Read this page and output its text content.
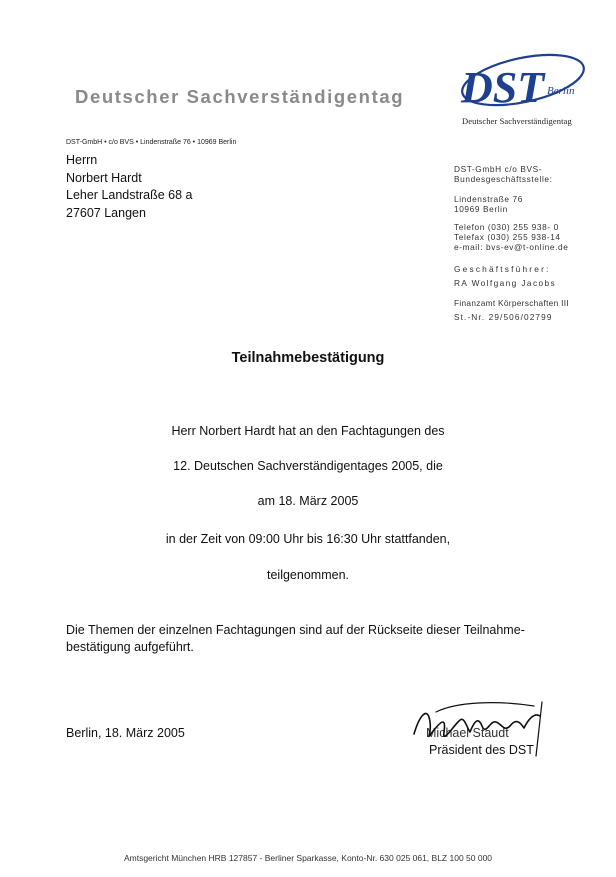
Deutscher Sachverständigentag DST Berlin
Deutscher Sachverständigentag
DST-GmbH • c/o BVS • Lindenstraße 76 • 10969 Berlin
Herrn
Norbert Hardt
Leher Landstraße 68 a
27607 Langen
DST-GmbH c/o BVS-
Bundesgeschäftsstelle:
Lindenstraße 76
10969 Berlin
Telefon (030) 255 938- 0
Telefax (030) 255 938-14
e-mail: bvs-ev@t-online.de
Geschäftsführer:
RA Wolfgang Jacobs
Finanzamt Körperschaften III
St.-Nr. 29/506/02799
Teilnahmebestätigung
Herr Norbert Hardt hat an den Fachtagungen des
12. Deutschen Sachverständigentages 2005, die
am 18. März 2005
in der Zeit von 09:00 Uhr bis 16:30 Uhr stattfanden,
teilgenommen.
Die Themen der einzelnen Fachtagungen sind auf der Rückseite dieser Teilnahme-bestätigung aufgeführt.
Berlin, 18. März 2005	Michael Staudt
Präsident des DST
Amtsgericht München HRB 127857 - Berliner Sparkasse, Konto-Nr. 630 025 061, BLZ 100 50 000
